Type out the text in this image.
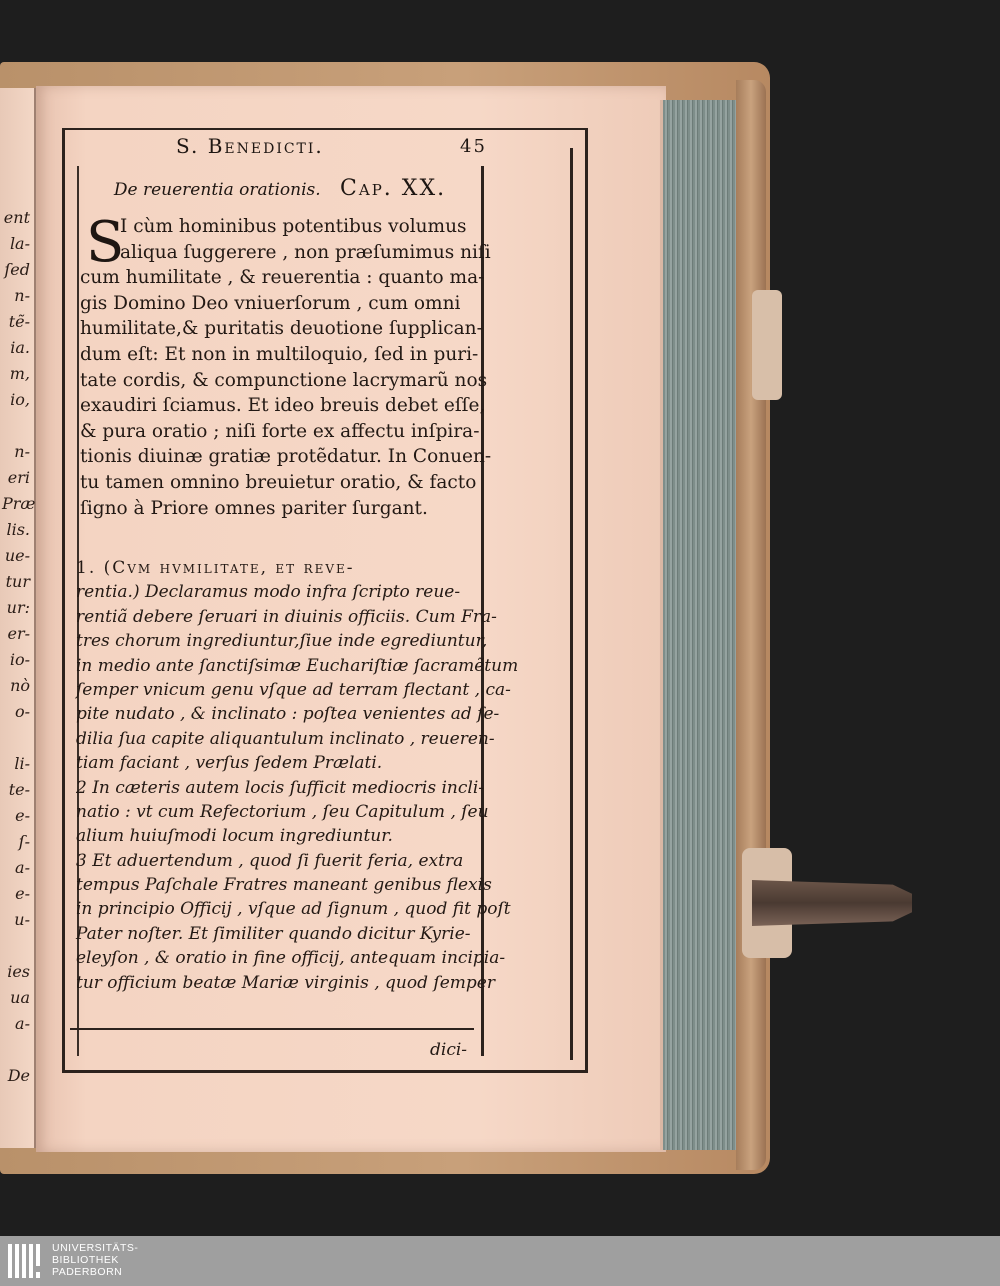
ent
la-
ſed
n-
tẽ-
ia.
m,
io,
n-
eri
Præ
lis.
ue-
tur
ur:
er-
io-
nò
o-
li-
te-
e-
ſ-
a-
e-
u-
ies
ua
a-
De
S. Benedicti.	45
De reuerentia orationis. Cap. XX.
S
I cùm hominibus potentibus volumus
aliqua ſuggerere , non præſumimus niſi
cum humilitate , & reuerentia : quanto ma-
gis Domino Deo vniuerſorum , cum omni
humilitate,& puritatis deuotione ſupplican-
dum eſt: Et non in multiloquio, ſed in puri-
tate cordis, & compunctione lacrymarũ nos
exaudiri ſciamus. Et ideo breuis debet eſſe,
& pura oratio ; niſi forte ex affectu inſpira-
tionis diuinæ gratiæ protẽdatur. In Conuen-
tu tamen omnino breuietur oratio, & facto
ſigno à Priore omnes pariter ſurgant.
1. (Cvm hvmilitate, et reve-
rentia.) Declaramus modo infra ſcripto reue-
rentiã debere ſeruari in diuinis officiis. Cum Fra-
tres chorum ingrediuntur,ſiue inde egrediuntur,
in medio ante ſanctiſsimæ Euchariſtiæ ſacramẽtum
ſemper vnicum genu vſque ad terram flectant , ca-
pite nudato , & inclinato : poſtea venientes ad ſe-
dilia ſua capite aliquantulum inclinato , reueren-
tiam faciant , verſus ſedem Prælati.
2 In cæteris autem locis ſufficit mediocris incli-
natio : vt cum Refectorium , ſeu Capitulum , ſeu
alium huiuſmodi locum ingrediuntur.
3 Et aduertendum , quod ſi fuerit feria, extra
tempus Paſchale Fratres maneant genibus flexis
in principio Officij , vſque ad ſignum , quod fit poſt
Pater noſter. Et ſimiliter quando dicitur Kyrie-
eleyſon , & oratio in fine officij, antequam incipia-
tur officium beatæ Mariæ virginis , quod ſemper
dici-
UNIVERSITÄTS-
BIBLIOTHEK
PADERBORN
